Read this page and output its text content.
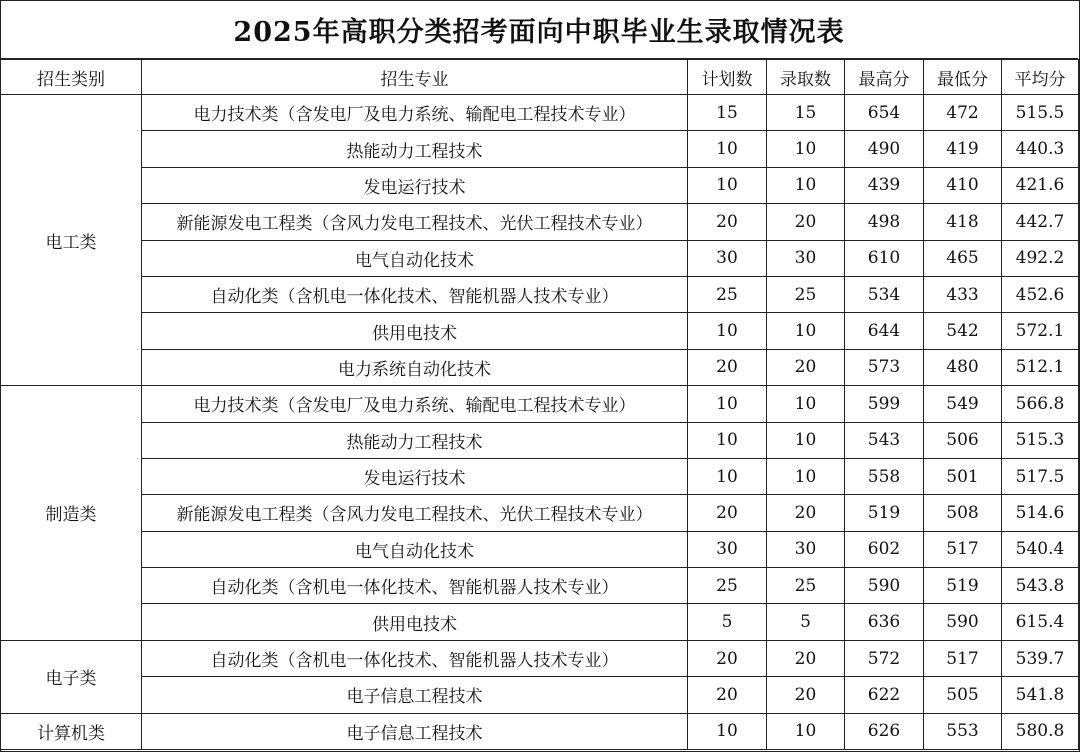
2025年高职分类招考面向中职毕业生录取情况表
招生类别	招生专业	计划数	录取数	最高分	最低分	平均分
电工类	电力技术类（含发电厂及电力系统、输配电工程技术专业）	15	15	654	472	515.5
	热能动力工程技术	10	10	490	419	440.3
	发电运行技术	10	10	439	410	421.6
	新能源发电工程类（含风力发电工程技术、光伏工程技术专业）	20	20	498	418	442.7
	电气自动化技术	30	30	610	465	492.2
	自动化类（含机电一体化技术、智能机器人技术专业）	25	25	534	433	452.6
	供用电技术	10	10	644	542	572.1
	电力系统自动化技术	20	20	573	480	512.1
制造类	电力技术类（含发电厂及电力系统、输配电工程技术专业）	10	10	599	549	566.8
	热能动力工程技术	10	10	543	506	515.3
	发电运行技术	10	10	558	501	517.5
	新能源发电工程类（含风力发电工程技术、光伏工程技术专业）	20	20	519	508	514.6
	电气自动化技术	30	30	602	517	540.4
	自动化类（含机电一体化技术、智能机器人技术专业）	25	25	590	519	543.8
	供用电技术	5	5	636	590	615.4
电子类	自动化类（含机电一体化技术、智能机器人技术专业）	20	20	572	517	539.7
	电子信息工程技术	20	20	622	505	541.8
计算机类	电子信息工程技术	10	10	626	553	580.8
